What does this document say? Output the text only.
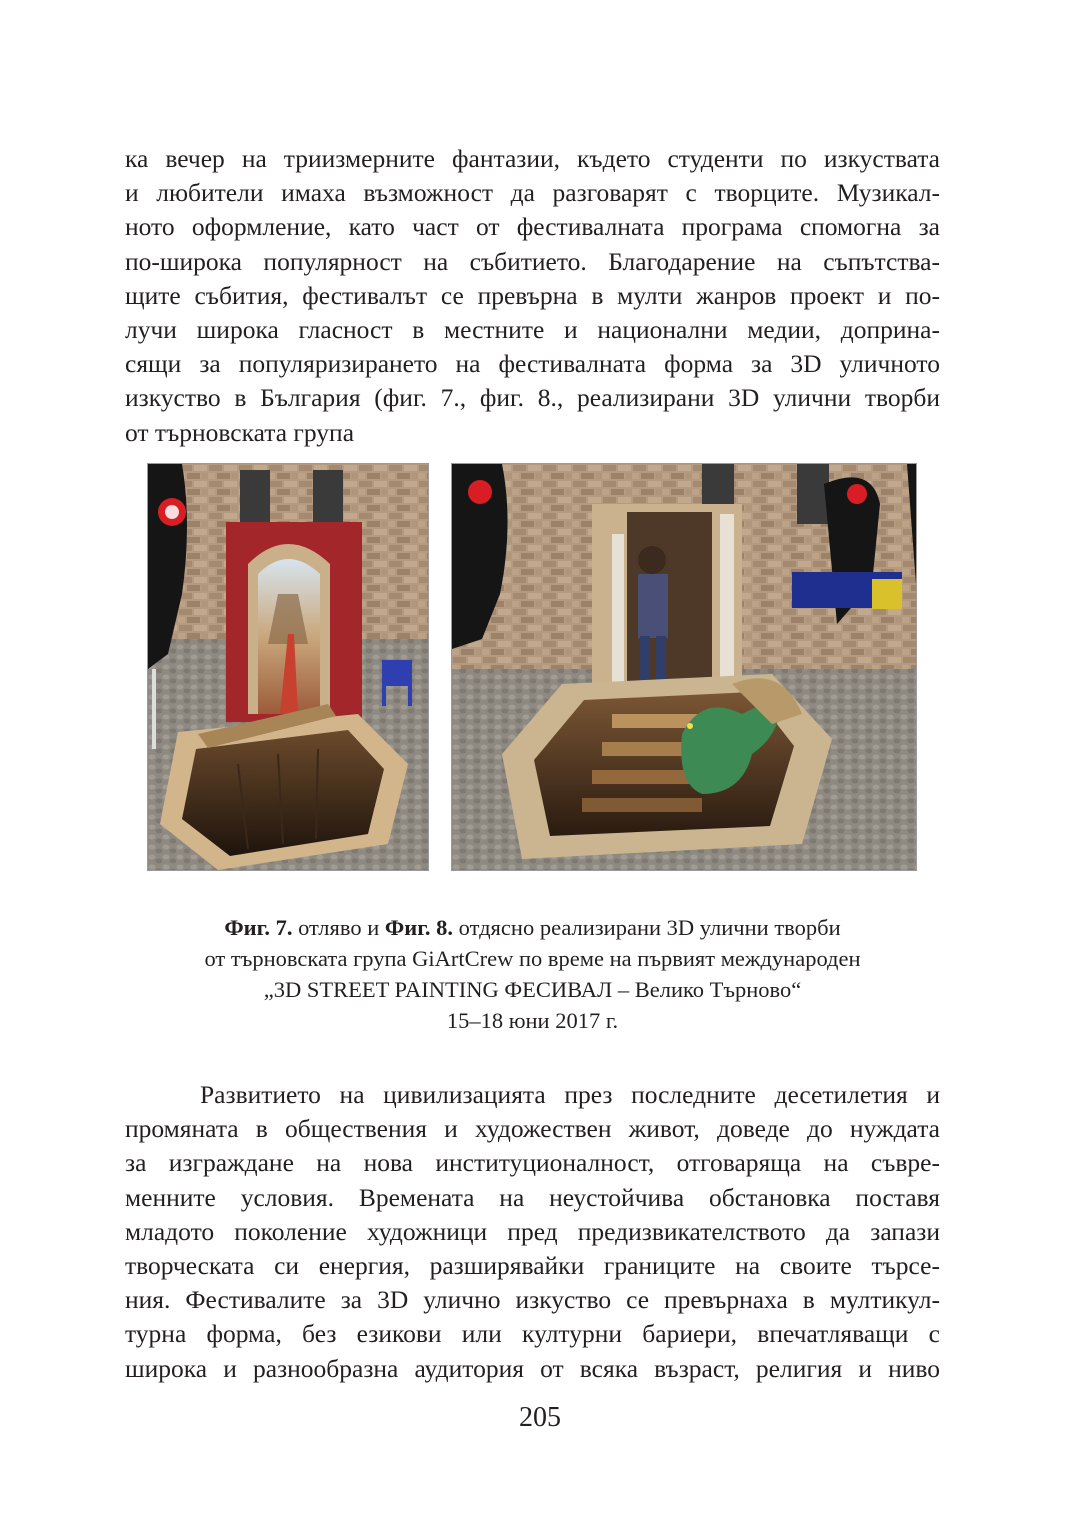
ка вечер на триизмерните фантазии, където студенти по изкуствата
и любители имаха възможност да разговарят с творците. Музикал-
ното оформление, като част от фестивалната програма спомогна за
по-широка популярност на събитието. Благодарение на съпътства-
щите събития, фестивалът се превърна в мулти жанров проект и по-
лучи широка гласност в местните и национални медии, доприна-
сящи за популяризирането на фестивалната форма за 3D уличното
изкуство в България (фиг. 7., фиг. 8., реализирани 3D улични творби
от търновската група
Фиг. 7. отляво и Фиг. 8. отдясно реализирани 3D улични творби
от търновската група GiArtCrew по време на първият международен
„3D STREET PAINTING ФЕСИВАЛ – Велико Търново“
15–18 юни 2017 г.
Развитието на цивилизацията през последните десетилетия и
промяната в обществения и художествен живот, доведе до нуждата
за изграждане на нова институционалност, отговаряща на съвре-
менните условия. Времената на неустойчива обстановка поставя
младото поколение художници пред предизвикателството да запази
творческата си енергия, разширявайки границите на своите търсе-
ния. Фестивалите за 3D улично изкуство се превърнаха в мултикул-
турна форма, без езикови или културни бариери, впечатляващи с
широка и разнообразна аудитория от всяка възраст, религия и ниво
205
